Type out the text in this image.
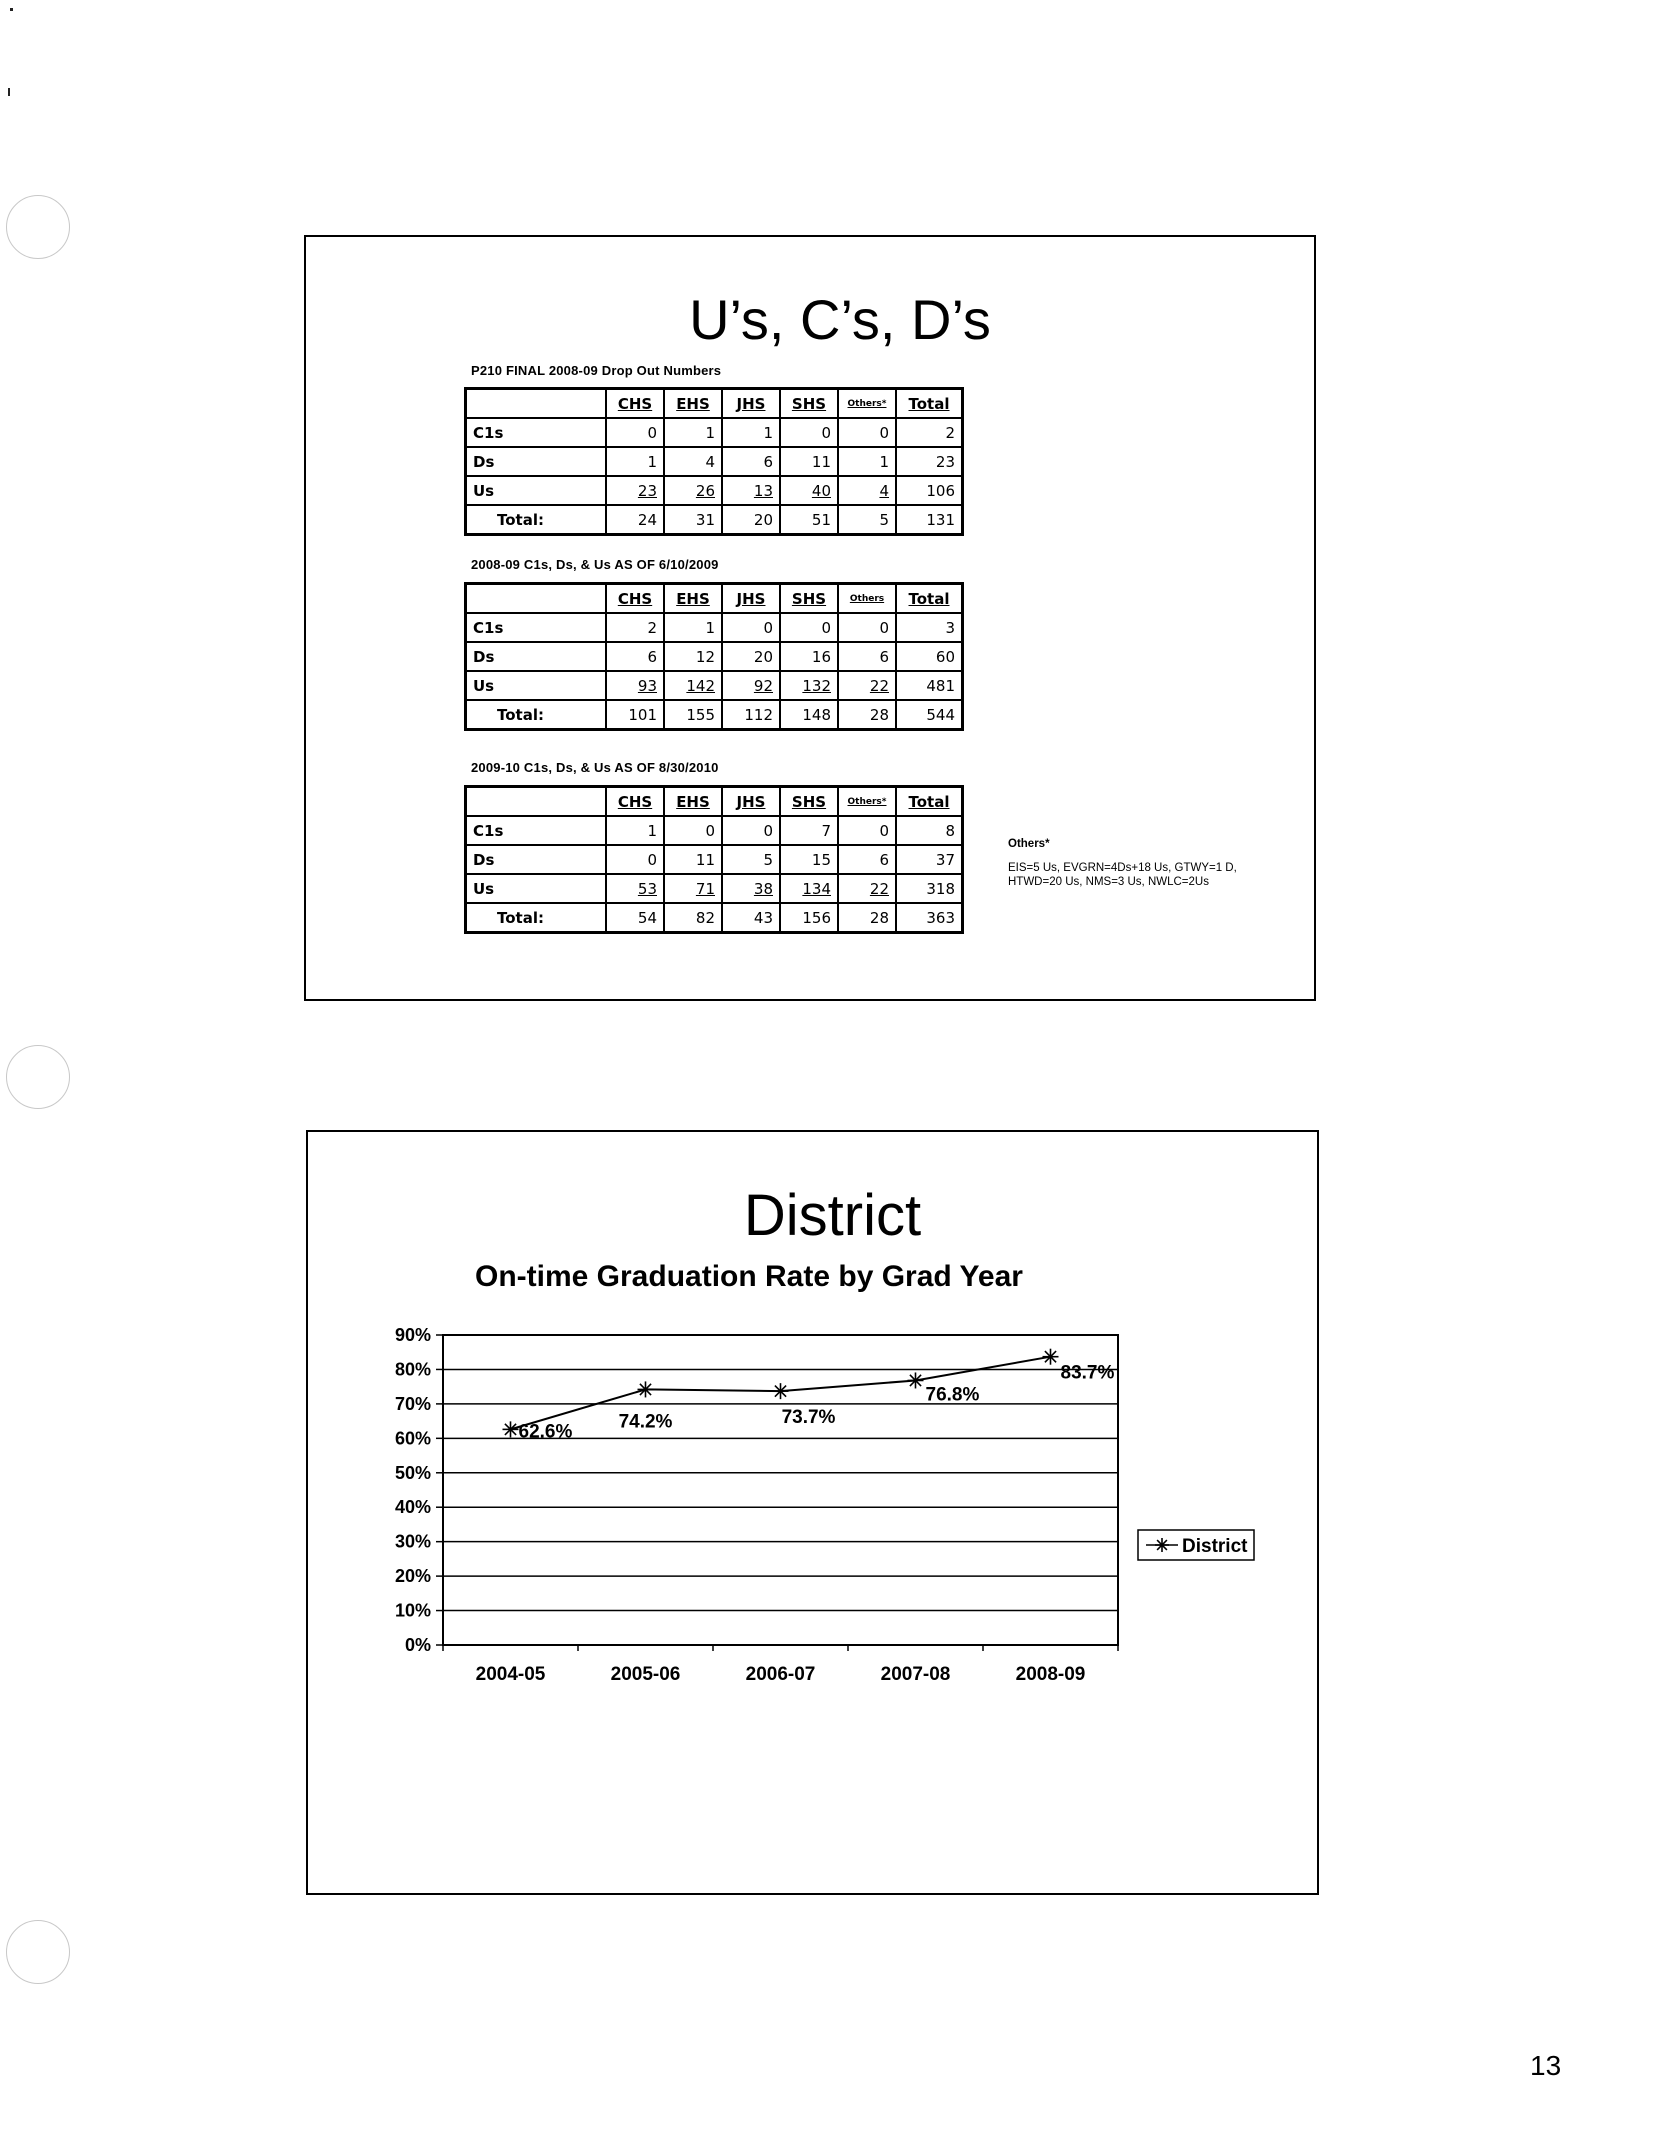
U’s, C’s, D’s
P210 FINAL 2008-09 Drop Out Numbers
	CHS	EHS	JHS	SHS	Others*	Total
C1s	0	1	1	0	0	2
Ds	1	4	6	11	1	23
Us	23	26	13	40	4	106
Total:	24	31	20	51	5	131
2008-09 C1s, Ds, & Us AS OF 6/10/2009
	CHS	EHS	JHS	SHS	Others	Total
C1s	2	1	0	0	0	3
Ds	6	12	20	16	6	60
Us	93	142	92	132	22	481
Total:	101	155	112	148	28	544
2009-10 C1s, Ds, & Us AS OF 8/30/2010
	CHS	EHS	JHS	SHS	Others*	Total
C1s	1	0	0	7	0	8
Ds	0	11	5	15	6	37
Us	53	71	38	134	22	318
Total:	54	82	43	156	28	363
Others*
EIS=5 Us, EVGRN=4Ds+18 Us, GTWY=1 D, HTWD=20 Us, NMS=3 Us, NWLC=2Us
District
On-time Graduation Rate by Grad Year
0%
10%
20%
30%
40%
50%
60%
70%
80%
90%
2004-05	2005-06	2006-07	2007-08	2008-09
62.6% 74.2%	73.7%
76.8%
83.7%
District
13
